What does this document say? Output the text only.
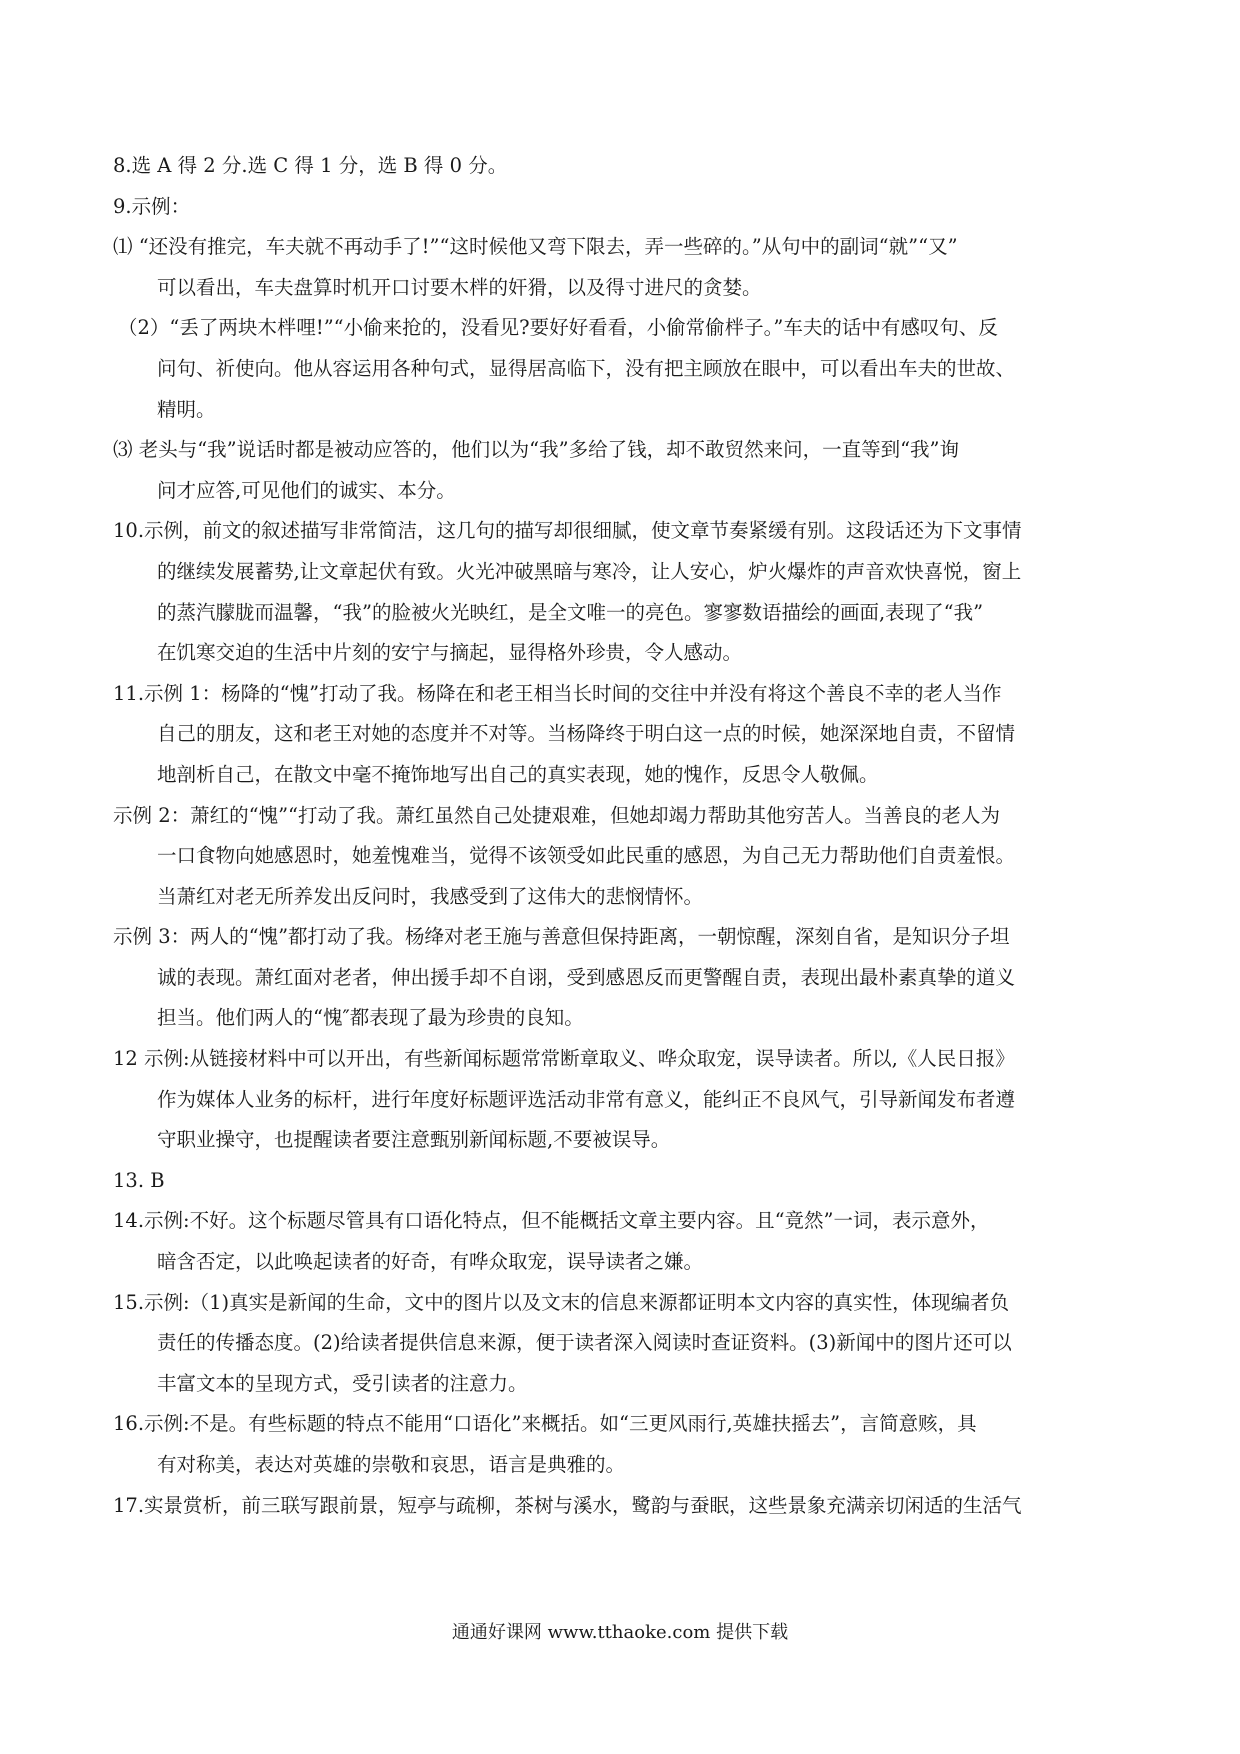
8.选 A 得 2 分.选 C 得 1 分，选 B 得 0 分。
9.示例：
⑴ “还没有推完，车夫就不再动手了!”“这时候他又弯下限去，弄一些碎的。”从句中的副词“就”“又”
可以看出，车夫盘算时机开口讨要木柈的奸猾，以及得寸进尺的贪婪。
（2）“丢了两块木柈哩!”“小偷来抢的，没看见?要好好看看，小偷常偷柈子。”车夫的话中有感叹句、反
问句、祈使向。他从容运用各种句式，显得居高临下，没有把主顾放在眼中，可以看出车夫的世故、
精明。
⑶ 老头与“我”说话时都是被动应答的，他们以为“我”多给了钱，却不敢贸然来问，一直等到“我”询
问才应答,可见他们的诚实、本分。
10.示例，前文的叙述描写非常简洁，这几句的描写却很细腻，使文章节奏紧缓有别。这段话还为下文事情
的继续发展蓄势,让文章起伏有致。火光冲破黑暗与寒冷，让人安心，炉火爆炸的声音欢快喜悦，窗上
的蒸汽朦胧而温馨，“我”的脸被火光映红，是全文唯一的亮色。寥寥数语描绘的画面,表现了“我”
在饥寒交迫的生活中片刻的安宁与摘起，显得格外珍贵，令人感动。
11.示例 1：杨降的“愧”打动了我。杨降在和老王相当长时间的交往中并没有将这个善良不幸的老人当作
自己的朋友，这和老王对她的态度并不对等。当杨降终于明白这一点的时候，她深深地自责，不留情
地剖析自己，在散文中毫不掩饰地写出自己的真实表现，她的愧作，反思令人敬佩。
示例 2：萧红的“愧”“打动了我。萧红虽然自己处捷艰难，但她却竭力帮助其他穷苦人。当善良的老人为
一口食物向她感恩时，她羞愧难当，觉得不该领受如此民重的感恩，为自己无力帮助他们自责羞恨。
当萧红对老无所养发出反问时，我感受到了这伟大的悲悯情怀。
示例 3：两人的“愧”都打动了我。杨绛对老王施与善意但保持距离，一朝惊醒，深刻自省，是知识分子坦
诚的表现。萧红面对老者，伸出援手却不自诩，受到感恩反而更警醒自责，表现出最朴素真挚的道义
担当。他们两人的“愧″都表现了最为珍贵的良知。
12 示例:从链接材料中可以开出，有些新闻标题常常断章取义、哗众取宠，误导读者。所以,《人民日报》
作为媒体人业务的标杆，进行年度好标题评选活动非常有意义，能纠正不良风气，引导新闻发布者遵
守职业操守，也提醒读者要注意甄别新闻标题,不要被误导。
13. B
14.示例:不好。这个标题尽管具有口语化特点，但不能概括文章主要内容。且“竟然”一词，表示意外，
暗含否定，以此唤起读者的好奇，有哗众取宠，误导读者之嫌。
15.示例:（1)真实是新闻的生命，文中的图片以及文末的信息来源都证明本文内容的真实性，体现编者负
责任的传播态度。(2)给读者提供信息来源，便于读者深入阅读时查证资料。(3)新闻中的图片还可以
丰富文本的呈现方式，受引读者的注意力。
16.示例:不是。有些标题的特点不能用“口语化”来概括。如“三更风雨行,英雄扶摇去”，言简意赅，具
有对称美，表达对英雄的崇敬和哀思，语言是典雅的。
17.实景赏析，前三联写跟前景，短亭与疏柳，茶树与溪水，鹭韵与蚕眠，这些景象充满亲切闲适的生活气
通通好课网 www.tthaoke.com 提供下载
